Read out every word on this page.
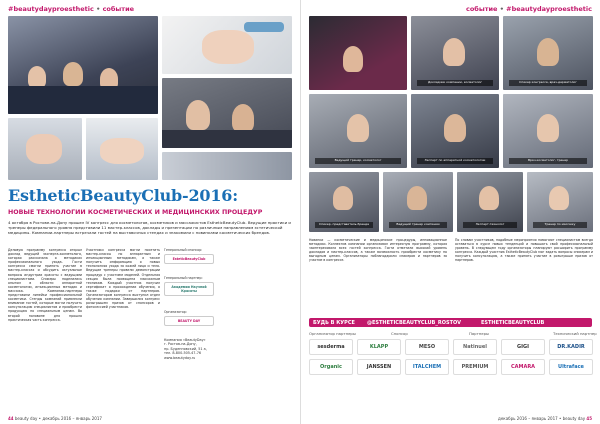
#beautydayproesthetic • событие
EstheticBeautyClub-2016:
НОВЫЕ ТЕХНОЛОГИИ КОСМЕТИЧЕСКИХ И МЕДИЦИНСКИХ ПРОЦЕДУР
4 октября в Ростове-на-Дону прошел IV конгресс для косметологов, косметиков и массажистов EstheticBeautyClub. Ведущие практики и тренеры федерального уровня представили 11 мастер-классов, доклады и презентации по различным направлениям эстетической медицины. Компании-партнеры встречали гостей на выставочных стендах и знакомили с новинками косметических брендов.
Деловую программу конгресса открыл доклад ведущей эксперта-косметолога, которая рассказала о методиках профессионального ухода. Гости конгресса смогли принять участие в мастер-классах и обсудить актуальные вопросы индустрии красоты с ведущими специалистами. Спикеры поделились опытом в области аппаратной косметологии, инъекционных методик и массажа. Компании-партнеры представили линейки профессиональной косметики. Стенды компаний привлекли внимание гостей, которые могли получить консультацию специалистов и приобрести продукцию по специальным ценам. Во второй половине дня прошла практическая часть конгресса.
Участники конгресса могли посетить мастер-классы по аппаратным и инъекционным методикам, а также получить информацию о новых технологиях ухода за кожей лица и тела. Ведущие тренеры провели демонстрации процедур с участием моделей. Отдельная секция была посвящена массажным техникам. Каждый участник получил сертификат о прохождении обучения, а также подарки от партнеров. Организатором конгресса выступил отдел обучения компании. Завершился конгресс розыгрышем призов от спонсоров и фотосессией участников.
Генеральный спонсор:
EsteticBeautyClub
Генеральный партнер:
Академия Научной Красоты
Организатор:
BEAUTY DAY
Компания «BeautyDay»
г. Ростов-на-Дону,
пр. Буденновский, 51 а,
тел. 8-800-505-47-76
www.beautyday.ru
44 beauty day • декабрь 2016 – январь 2017
событие • #beautydayproesthetic
Докладчик компании, косметолог	Спикер конгресса, врач-дерматолог
Ведущий тренер, косметолог	Эксперт по аппаратной косметологии	Врач-косметолог, тренер
Спикер, представитель бренда	Ведущий тренер компании	Эксперт-технолог	Тренер по массажу
Новинки — косметические и медицинские процедуры, инновационные методики. Коллектив компании организовал интересную программу, которая заинтересовала всех гостей конгресса. Гости отметили высокий уровень докладов и мастер-классов, а также возможность приобрести косметику по выгодным ценам. Организаторы поблагодарили спикеров и партнеров за участие в конгрессе.
По словам участников, подобные мероприятия помогают специалистам всегда оставаться в курсе новых тенденций и повышать свой профессиональный уровень. В следующем году организаторы планируют расширить программу конгресса. Каждый участник EstheticBeautyClub мог задать вопросы спикерам и получить консультацию, а также принять участие в розыгрыше призов от партнеров.
БУДЬ В КУРСЕ @ESTHETICBEAUTYCLUB_ROSTOV	ESTHETICBEAUTYCLUB
Организатор партнеры	Спонсор	Партнеры	Технический партнер
sesderma	KLAPP	MESO	Natinuel	GIGI	DR.KADIR
Organic	JANSSEN	ITALCHEM	PREMIUM	CAMARA	Ultraface
декабрь 2016 – январь 2017 • beauty day 45
